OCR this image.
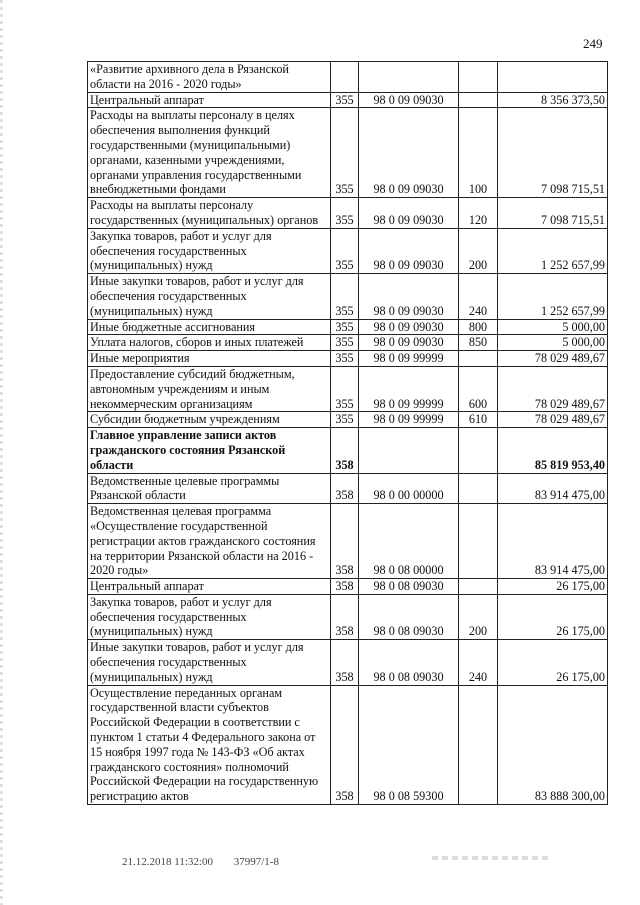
249
«Развитие архивного дела в Рязанской области на 2016 - 2020 годы»				
Центральный аппарат	355	98 0 09 09030		8 356 373,50
Расходы на выплаты персоналу в целях обеспечения выполнения функций государственными (муниципальными) органами, казенными учреждениями, органами управления государственными внебюджетными фондами	355	98 0 09 09030	100	7 098 715,51
Расходы на выплаты персоналу государственных (муниципальных) органов	355	98 0 09 09030	120	7 098 715,51
Закупка товаров, работ и услуг для обеспечения государственных (муниципальных) нужд	355	98 0 09 09030	200	1 252 657,99
Иные закупки товаров, работ и услуг для обеспечения государственных (муниципальных) нужд	355	98 0 09 09030	240	1 252 657,99
Иные бюджетные ассигнования	355	98 0 09 09030	800	5 000,00
Уплата налогов, сборов и иных платежей	355	98 0 09 09030	850	5 000,00
Иные мероприятия	355	98 0 09 99999		78 029 489,67
Предоставление субсидий бюджетным, автономным учреждениям и иным некоммерческим организациям	355	98 0 09 99999	600	78 029 489,67
Субсидии бюджетным учреждениям	355	98 0 09 99999	610	78 029 489,67
Главное управление записи актов гражданского состояния Рязанской области	358			85 819 953,40
Ведомственные целевые программы Рязанской области	358	98 0 00 00000		83 914 475,00
Ведомственная целевая программа «Осуществление государственной регистрации актов гражданского состояния на территории Рязанской области на 2016 - 2020 годы»	358	98 0 08 00000		83 914 475,00
Центральный аппарат	358	98 0 08 09030		26 175,00
Закупка товаров, работ и услуг для обеспечения государственных (муниципальных) нужд	358	98 0 08 09030	200	26 175,00
Иные закупки товаров, работ и услуг для обеспечения государственных (муниципальных) нужд	358	98 0 08 09030	240	26 175,00
Осуществление переданных органам государственной власти субъектов Российской Федерации в соответствии с пунктом 1 статьи 4 Федерального закона от 15 ноября 1997 года № 143-ФЗ «Об актах гражданского состояния» полномочий Российской Федерации на государственную регистрацию актов	358	98 0 08 59300		83 888 300,00
21.12.2018 11:32:00 37997/1-8
